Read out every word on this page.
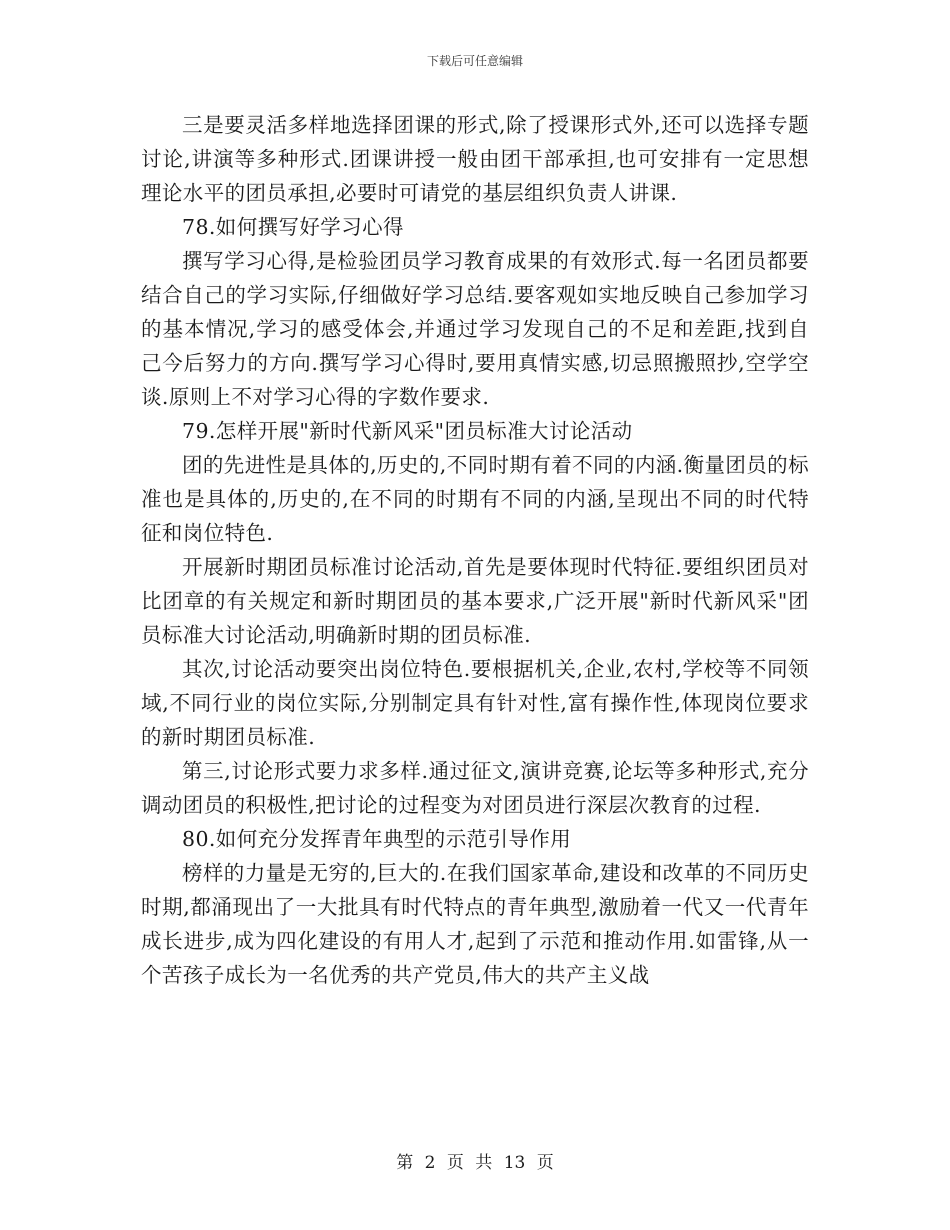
下载后可任意编辑

三是要灵活多样地选择团课的形式,除了授课形式外,还可以选择专题讨论,讲演等多种形式.团课讲授一般由团干部承担,也可安排有一定思想理论水平的团员承担,必要时可请党的基层组织负责人讲课.

78.如何撰写好学习心得

撰写学习心得,是检验团员学习教育成果的有效形式.每一名团员都要结合自己的学习实际,仔细做好学习总结.要客观如实地反映自己参加学习的基本情况,学习的感受体会,并通过学习发现自己的不足和差距,找到自己今后努力的方向.撰写学习心得时,要用真情实感,切忌照搬照抄,空学空谈.原则上不对学习心得的字数作要求.

79.怎样开展"新时代新风采"团员标准大讨论活动

团的先进性是具体的,历史的,不同时期有着不同的内涵.衡量团员的标准也是具体的,历史的,在不同的时期有不同的内涵,呈现出不同的时代特征和岗位特色.

开展新时期团员标准讨论活动,首先是要体现时代特征.要组织团员对比团章的有关规定和新时期团员的基本要求,广泛开展"新时代新风采"团员标准大讨论活动,明确新时期的团员标准.

其次,讨论活动要突出岗位特色.要根据机关,企业,农村,学校等不同领域,不同行业的岗位实际,分别制定具有针对性,富有操作性,体现岗位要求的新时期团员标准.

第三,讨论形式要力求多样.通过征文,演讲竞赛,论坛等多种形式,充分调动团员的积极性,把讨论的过程变为对团员进行深层次教育的过程.

80.如何充分发挥青年典型的示范引导作用

榜样的力量是无穷的,巨大的.在我们国家革命,建设和改革的不同历史时期,都涌现出了一大批具有时代特点的青年典型,激励着一代又一代青年成长进步,成为四化建设的有用人才,起到了示范和推动作用.如雷锋,从一个苦孩子成长为一名优秀的共产党员,伟大的共产主义战

第 2 页 共 13 页
